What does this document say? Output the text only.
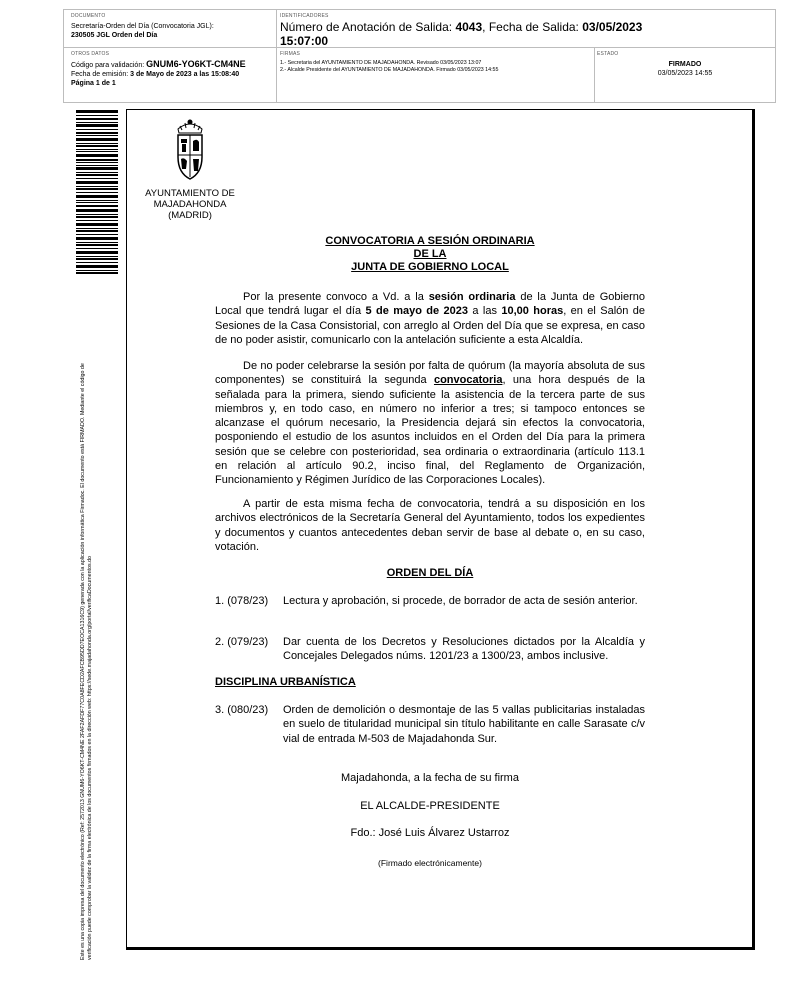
DOCUMENTO
Secretaría-Orden del Día (Convocatoria JGL):
230505 JGL Orden del Día
IDENTIFICADORES
Número de Anotación de Salida: 4043, Fecha de Salida: 03/05/2023
15:07:00
OTROS DATOS
Código para validación: GNUM6-YO6KT-CM4NE
Fecha de emisión: 3 de Mayo de 2023 a las 15:08:40
Página 1 de 1
FIRMAS
1.- Secretaria del AYUNTAMIENTO DE MAJADAHONDA. Revisado 03/05/2023 13:07
2.- Alcalde Presidente del AYUNTAMIENTO DE MAJADAHONDA. Firmado 03/05/2023 14:55
ESTADO
FIRMADO
03/05/2023 14:55
Este es una copia impresa del documento electrónico (Ref: 2572013 GNUM6-YO6KT-CM4NE 2FAF2AFDF77C0A8FECD2AFCB95DD7EOCA1316C9) generada con la aplicación informática Firmadoc. El documento está FIRMADO. Mediante el código de verificación puede comprobar la validez de la firma electrónica de los documentos firmados en la dirección web: https://sede.majadahonda.org/portal/verificaDocumentos.do
AYUNTAMIENTO DE
MAJADAHONDA
(MADRID)
CONVOCATORIA A SESIÓN ORDINARIA
DE LA
JUNTA DE GOBIERNO LOCAL
Por la presente convoco a Vd. a la sesión ordinaria de la Junta de Gobierno Local que tendrá lugar el día 5 de mayo de 2023 a las 10,00 horas, en el Salón de Sesiones de la Casa Consistorial, con arreglo al Orden del Día que se expresa, en caso de no poder asistir, comunicarlo con la antelación suficiente a esta Alcaldía.
De no poder celebrarse la sesión por falta de quórum (la mayoría absoluta de sus componentes) se constituirá la segunda convocatoria, una hora después de la señalada para la primera, siendo suficiente la asistencia de la tercera parte de sus miembros y, en todo caso, en número no inferior a tres; si tampoco entonces se alcanzase el quórum necesario, la Presidencia dejará sin efectos la convocatoria, posponiendo el estudio de los asuntos incluidos en el Orden del Día para la primera sesión que se celebre con posterioridad, sea ordinaria o extraordinaria (artículo 113.1 en relación al artículo 90.2, inciso final, del Reglamento de Organización, Funcionamiento y Régimen Jurídico de las Corporaciones Locales).
A partir de esta misma fecha de convocatoria, tendrá a su disposición en los archivos electrónicos de la Secretaría General del Ayuntamiento, todos los expedientes y documentos y cuantos antecedentes deban servir de base al debate o, en su caso, votación.
ORDEN DEL DÍA
1. (078/23)	Lectura y aprobación, si procede, de borrador de acta de sesión anterior.
2. (079/23)	Dar cuenta de los Decretos y Resoluciones dictados por la Alcaldía y Concejales Delegados núms. 1201/23 a 1300/23, ambos inclusive.
DISCIPLINA URBANÍSTICA
3. (080/23)	Orden de demolición o desmontaje de las 5 vallas publicitarias instaladas en suelo de titularidad municipal sin título habilitante en calle Sarasate c/v vial de entrada M-503 de Majadahonda Sur.
Majadahonda, a la fecha de su firma
EL ALCALDE-PRESIDENTE
Fdo.: José Luis Álvarez Ustarroz
(Firmado electrónicamente)
